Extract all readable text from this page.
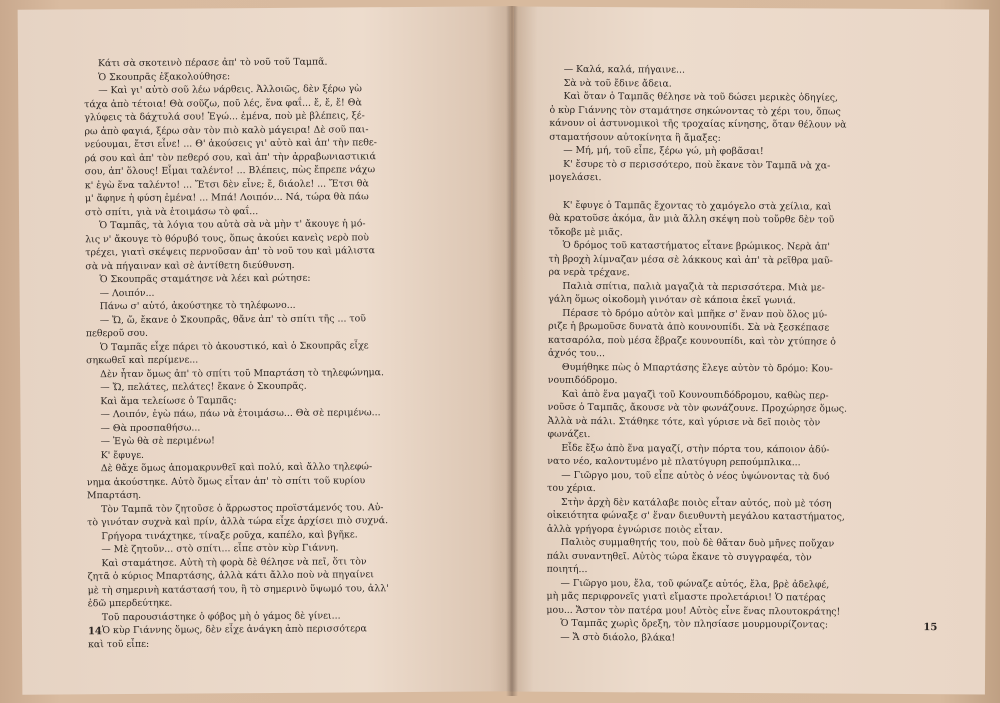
Κάτι σὰ σκοτεινὸ πέρασε ἀπ' τὸ νοῦ τοῦ Ταμπᾶ.
Ὁ Σκουπρᾶς ἐξακολούθησε:
— Καὶ γι' αὐτὸ σοῦ λέω νάρθεις. Ἀλλοιῶς, δὲν ξέρω γὼ
τάχα ἀπὸ τέτοια! Θὰ σοῦζω, ποῦ λές, ἕνα φαΐ... ἔ, ἔ, ἔ! Θὰ
γλύφεις τὰ δάχτυλά σου! Ἐγώ... ἐμένα, ποὺ μὲ βλέπεις, ξέ-
ρω ἀπὸ φαγιά, ξέρω σὰν τὸν πιὸ καλὸ μάγειρα! Δὲ σοῦ παι-
νεύουμαι, ἔτσι εἶνε! ... Θ' ἀκούσεις γι' αὐτὸ καὶ ἀπ' τὴν πεθε-
ρά σου καὶ ἀπ' τὸν πεθερό σου, καὶ ἀπ' τὴν ἀρραβωνιαστικιά
σου, ἀπ' ὅλους! Εἶμαι ταλέντο! ... Βλέπεις, πὼς ἔπρεπε νάχω
κ' ἐγὼ ἕνα ταλέντο! ... Ἔτσι δὲν εἶνε; ἔ, διάολε! ... Ἔτσι θὰ
μ' ἄφηνε ἡ φύση ἐμένα! ... Μπά! Λοιπόν... Νά, τώρα θὰ πάω
στὸ σπίτι, γιὰ νὰ ἑτοιμάσω τὸ φαΐ...
Ὁ Ταμπᾶς, τὰ λόγια του αὐτὰ σὰ νὰ μὴν τ' ἄκουγε ἡ μό-
λις ν' ἄκουγε τὸ θόρυβό τους, ὅπως ἀκούει κανεὶς νερὸ ποὺ
τρέχει, γιατὶ σκέψεις περνοῦσαν ἀπ' τὸ νοῦ του καὶ μάλιστα
σὰ νὰ πήγαιναν καὶ σὲ ἀντίθετη διεύθυνση.
Ὁ Σκουπρᾶς σταμάτησε νὰ λέει καὶ ρώτησε:
— Λοιπόν...
Πάνω σ' αὐτό, ἀκούστηκε τὸ τηλέφωνο...
— Ὤ, ὤ, ἔκανε ὁ Σκουπρᾶς, θἄνε ἀπ' τὸ σπίτι τῆς ... τοῦ
πεθεροῦ σου.
Ὁ Ταμπᾶς εἶχε πάρει τὸ ἀκουστικό, καὶ ὁ Σκουπρᾶς εἶχε
σηκωθεῖ καὶ περίμενε...
Δὲν ἦταν ὅμως ἀπ' τὸ σπίτι τοῦ Μπαρτάση τὸ τηλεφώνημα.
— Ὤ, πελάτες, πελάτες! ἔκανε ὁ Σκουπρᾶς.
Καὶ ἅμα τελείωσε ὁ Ταμπᾶς:
— Λοιπόν, ἐγὼ πάω, πάω νὰ ἑτοιμάσω... Θὰ σὲ περιμένω...
— Θὰ προσπαθήσω...
— Ἐγὼ θὰ σὲ περιμένω!
Κ' ἔφυγε.
Δὲ θἄχε ὅμως ἀπομακρυνθεῖ καὶ πολύ, καὶ ἄλλο τηλεφώ-
νημα ἀκούστηκε. Αὐτὸ ὅμως εἶταν ἀπ' τὸ σπίτι τοῦ κυρίου
Μπαρτάση.
Τὸν Ταμπᾶ τὸν ζητοῦσε ὁ ἄρρωστος προϊστάμενός του. Αὐ-
τὸ γινόταν συχνὰ καὶ πρίν, ἀλλὰ τώρα εἶχε ἀρχίσει πιὸ συχνά.
Γρήγορα τινάχτηκε, τίναξε ροῦχα, καπέλο, καὶ βγῆκε.
— Μὲ ζητοῦν... στὸ σπίτι... εἶπε στὸν κὺρ Γιάννη.
Καὶ σταμάτησε. Αὐτὴ τὴ φορὰ δὲ θέλησε νὰ πεῖ, ὅτι τὸν
ζητᾶ ὁ κύριος Μπαρτάσης, ἀλλὰ κάτι ἄλλο ποὺ νὰ πηγαίνει
μὲ τὴ σημερινὴ κατάστασή του, ἢ τὸ σημερινὸ ὕψωμό του, ἀλλ'
ἐδῶ μπερδεύτηκε.
Τοῦ παρουσιάστηκε ὁ φόβος μὴ ὁ γάμος δὲ γίνει...
Ὁ κὺρ Γιάννης ὅμως, δὲν εἶχε ἀνάγκη ἀπὸ περισσότερα
καὶ τοῦ εἶπε:
14
— Καλά, καλά, πήγαινε...
Σὰ νὰ τοῦ ἔδινε ἄδεια.
Καὶ ὅταν ὁ Ταμπᾶς θέλησε νὰ τοῦ δώσει μερικὲς ὁδηγίες,
ὁ κὺρ Γιάννης τὸν σταμάτησε σηκώνοντας τὸ χέρι του, ὅπως
κάνουν οἱ ἀστυνομικοὶ τῆς τροχαίας κίνησης, ὅταν θέλουν νὰ
σταματήσουν αὐτοκίνητα ἢ ἄμαξες:
— Μή, μή, τοῦ εἶπε, ξέρω γώ, μὴ φοβᾶσαι!
Κ' ἔσυρε τὸ σ περισσότερο, ποὺ ἔκανε τὸν Ταμπᾶ νὰ χα-
μογελάσει.
Κ' ἔφυγε ὁ Ταμπᾶς ἔχοντας τὸ χαμόγελο στὰ χείλια, καὶ
θὰ κρατοῦσε ἀκόμα, ἂν μιὰ ἄλλη σκέψη ποὺ τοὔρθε δὲν τοῦ
τὄκοβε μὲ μιᾶς.
Ὁ δρόμος τοῦ καταστήματος εἶτανε βρώμικος. Νερὰ ἀπ'
τὴ βροχὴ λίμναζαν μέσα σὲ λάκκους καὶ ἀπ' τὰ ρεῖθρα μαῦ-
ρα νερὰ τρέχανε.
Παλιὰ σπίτια, παλιὰ μαγαζιὰ τὰ περισσότερα. Μιὰ με-
γάλη ὅμως οἰκοδομὴ γινόταν σὲ κάποια ἐκεῖ γωνιά.
Πέρασε τὸ δρόμο αὐτὸν καὶ μπῆκε σ' ἕναν ποὺ ὅλος μύ-
ριζε ἡ βρωμοῦσε δυνατὰ ἀπὸ κουνουπίδι. Σὰ νὰ ξεσκέπασε
κατσαρόλα, ποὺ μέσα ἔβραζε κουνουπίδι, καὶ τὸν χτύπησε ὁ
ἀχνός του...
Θυμήθηκε πὼς ὁ Μπαρτάσης ἔλεγε αὐτὸν τὸ δρόμο: Κου-
νουπιδόδρομο.
Καὶ ἀπὸ ἕνα μαγαζὶ τοῦ Κουνουπιδόδρομου, καθὼς περ-
νοῦσε ὁ Ταμπᾶς, ἄκουσε νὰ τὸν φωνάζουνε. Προχώρησε ὅμως.
Ἀλλὰ νὰ πάλι. Στάθηκε τότε, καὶ γύρισε νὰ δεῖ ποιὸς τὸν
φωνάζει.
Εἶδε ἔξω ἀπὸ ἕνα μαγαζί, στὴν πόρτα του, κάποιον ἀδύ-
νατο νέο, καλοντυμένο μὲ πλατύγυρη ρεπούμπλικα...
— Γιῶργο μου, τοῦ εἶπε αὐτὸς ὁ νέος ὑψώνοντας τὰ δυό
του χέρια.
Στὴν ἀρχὴ δὲν κατάλαβε ποιὸς εἶταν αὐτός, ποὺ μὲ τόση
οἰκειότητα φώναξε σ' ἕναν διευθυντὴ μεγάλου καταστήματος,
ἀλλὰ γρήγορα ἐγνώρισε ποιὸς εἶταν.
Παλιὸς συμμαθητής του, ποὺ δὲ θἄταν δυὸ μῆνες ποὔχαν
πάλι συναντηθεῖ. Αὐτὸς τώρα ἔκανε τὸ συγγραφέα, τὸν
ποιητή...
— Γιῶργο μου, ἔλα, τοῦ φώναζε αὐτός, ἔλα, βρὲ ἀδελφέ,
μὴ μᾶς περιφρονεῖς γιατὶ εἴμαστε προλετάριοι! Ὁ πατέρας
μου... Ἄστον τὸν πατέρα μου! Αὐτὸς εἶνε ἕνας πλουτοκράτης!
Ὁ Ταμπᾶς χωρὶς ὄρεξη, τὸν πλησίασε μουρμουρίζοντας:
— Ἄ στὸ διάολο, βλάκα!
15
